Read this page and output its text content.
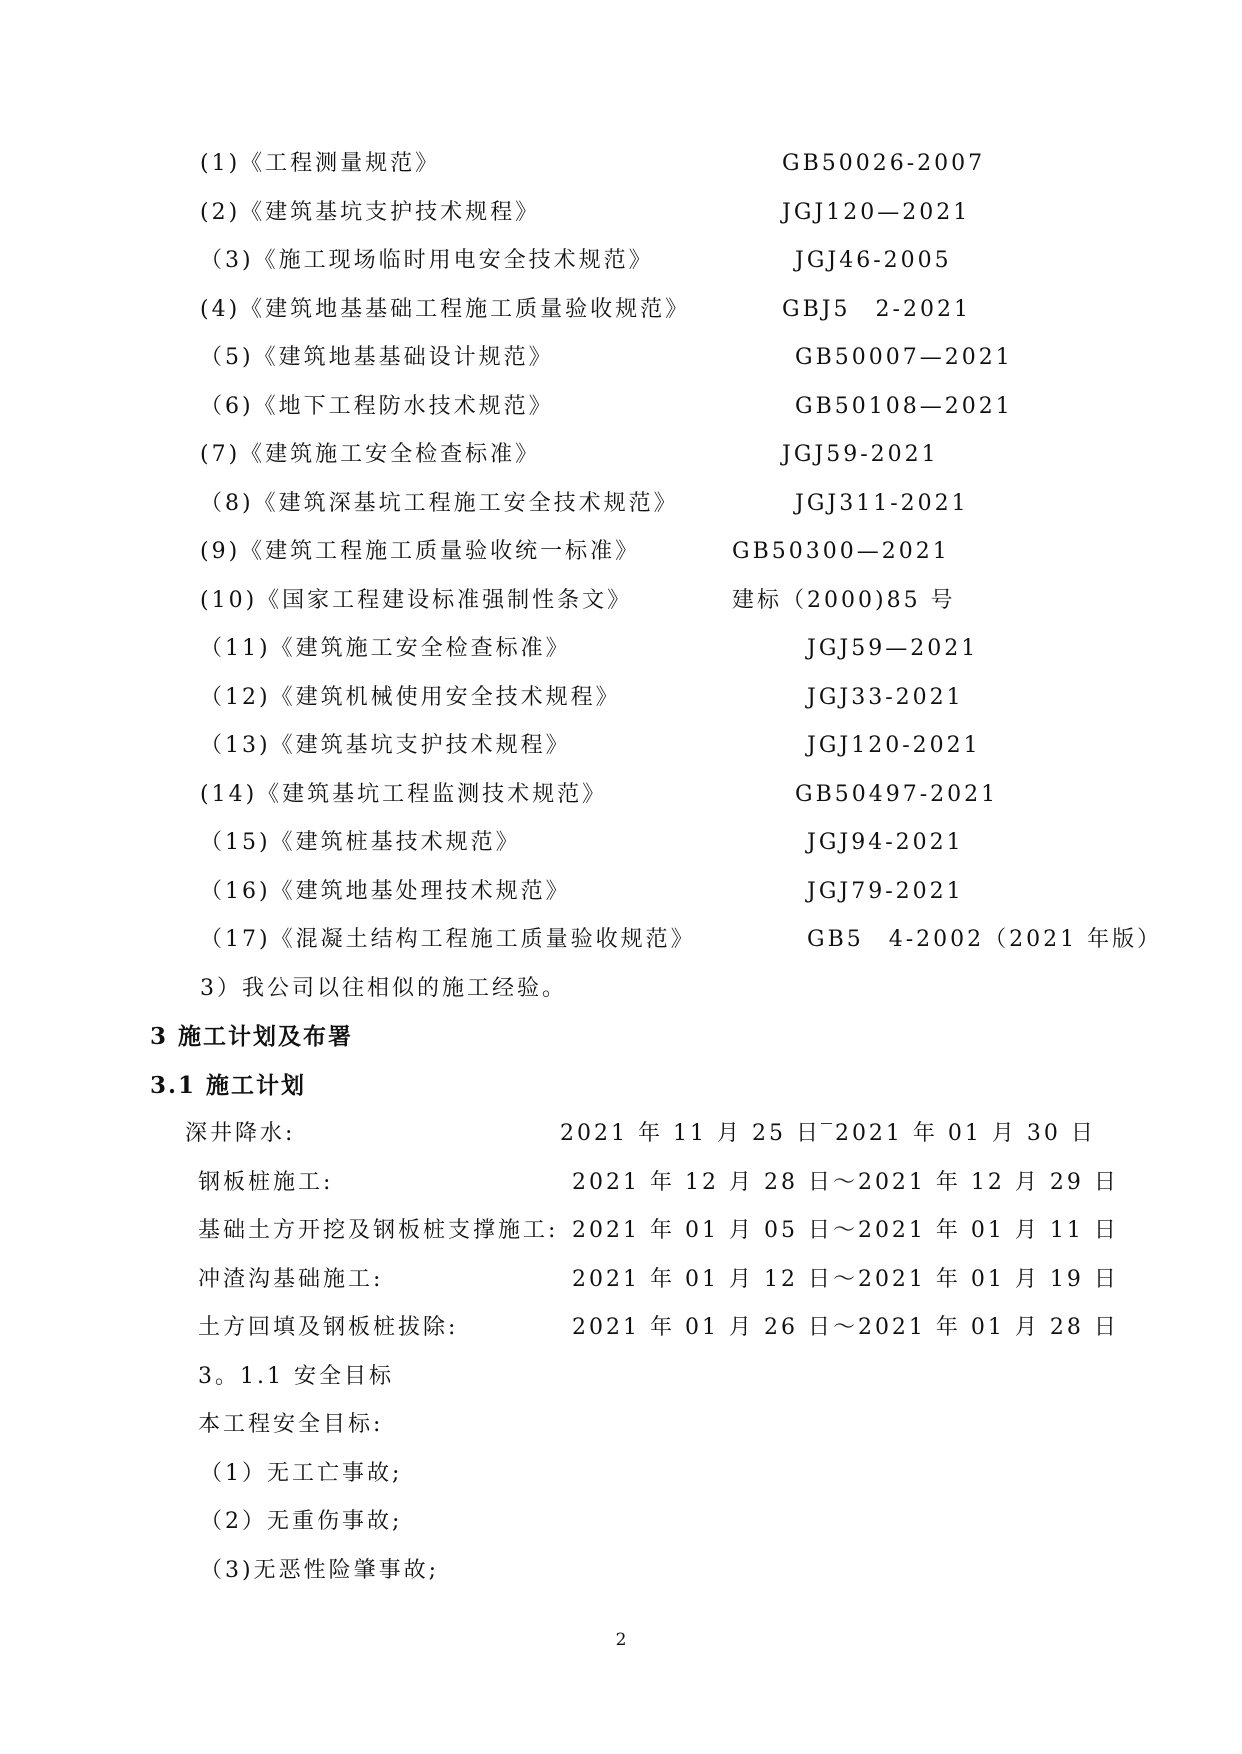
(1)《工程测量规范》	GB50026-2007
(2)《建筑基坑支护技术规程》	JGJ120—2021
（3)《施工现场临时用电安全技术规范》	JGJ46-2005
(4)《建筑地基基础工程施工质量验收规范》	GBJ5　2-2021
（5)《建筑地基基础设计规范》	GB50007—2021
（6)《地下工程防水技术规范》	GB50108—2021
(7)《建筑施工安全检查标准》	JGJ59-2021
（8)《建筑深基坑工程施工安全技术规范》	JGJ311-2021
(9)《建筑工程施工质量验收统一标准》	GB50300—2021
(10)《国家工程建设标准强制性条文》	建标（2000)85 号
（11)《建筑施工安全检查标准》	JGJ59—2021
（12)《建筑机械使用安全技术规程》	JGJ33-2021
（13)《建筑基坑支护技术规程》	JGJ120-2021
(14)《建筑基坑工程监测技术规范》	GB50497-2021
（15)《建筑桩基技术规范》	JGJ94-2021
（16)《建筑地基处理技术规范》	JGJ79-2021
（17)《混凝土结构工程施工质量验收规范》	GB5　4-2002（2021 年版）
3）我公司以往相似的施工经验。
3 施工计划及布署
3.1 施工计划
深井降水:	2021 年 11 月 25 日‾2021 年 01 月 30 日
钢板桩施工:	2021 年 12 月 28 日～2021 年 12 月 29 日
基础土方开挖及钢板桩支撑施工: 2021 年 01 月 05 日～2021 年 01 月 11 日
冲渣沟基础施工:	2021 年 01 月 12 日～2021 年 01 月 19 日
土方回填及钢板桩拔除:	2021 年 01 月 26 日～2021 年 01 月 28 日
3。1.1 安全目标
本工程安全目标:
（1）无工亡事故;
（2）无重伤事故;
（3)无恶性险肇事故;
2
